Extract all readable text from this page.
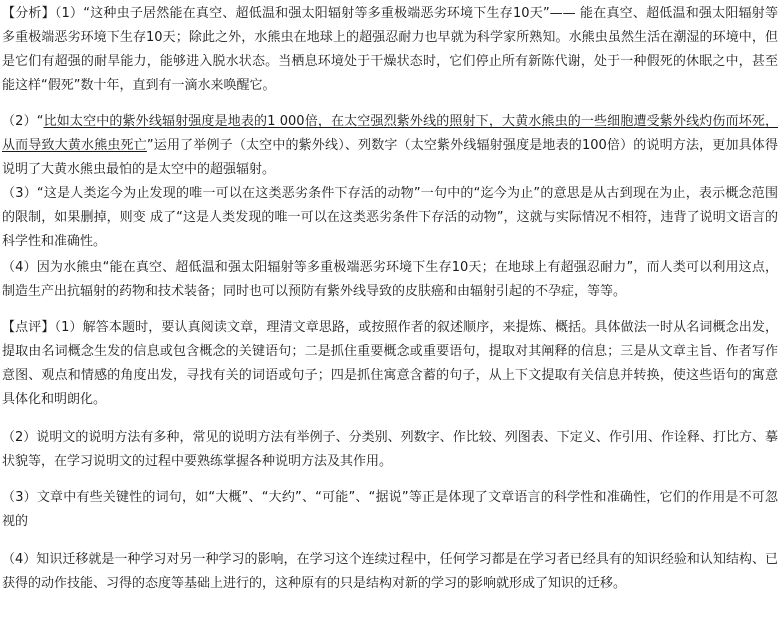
【分析】（1）“这种虫子居然能在真空、超低温和强太阳辐射等多重极端恶劣环境下生存10天”—— 能在真空、超低温和强太阳辐射等多重极端恶劣环境下生存10天；除此之外，水熊虫在地球上的超强忍耐力也早就为科学家所熟知。水熊虫虽然生活在潮湿的环境中，但是它们有超强的耐旱能力，能够进入脱水状态。当栖息环境处于干燥状态时，它们停止所有新陈代谢，处于一种假死的休眠之中，甚至能这样“假死”数十年，直到有一滴水来唤醒它。

（2）“比如太空中的紫外线辐射强度是地表的1 000倍，在太空强烈紫外线的照射下，大黄水熊虫的一些细胞遭受紫外线灼伤而坏死，从而导致大黄水熊虫死亡”运用了举例子（太空中的紫外线）、列数字（太空紫外线辐射强度是地表的100倍）的说明方法，更加具体得说明了大黄水熊虫最怕的是太空中的超强辐射。

（3）“这是人类迄今为止发现的唯一可以在这类恶劣条件下存活的动物”一句中的“迄今为止”的意思是从古到现在为止，表示概念范围的限制，如果删掉，则变 成了“这是人类发现的唯一可以在这类恶劣条件下存活的动物”，这就与实际情况不相符，违背了说明文语言的科学性和准确性。

（4）因为水熊虫“能在真空、超低温和强太阳辐射等多重极端恶劣环境下生存10天；在地球上有超强忍耐力”，而人类可以利用这点，制造生产出抗辐射的药物和技术装备；同时也可以预防有紫外线导致的皮肤癌和由辐射引起的不孕症，等等。

【点评】（1）解答本题时，要认真阅读文章，理清文章思路，或按照作者的叙述顺序，来提炼、概括。具体做法一时从名词概念出发，提取由名词概念生发的信息或包含概念的关键语句；二是抓住重要概念或重要语句，提取对其阐释的信息；三是从文章主旨、作者写作意图、观点和情感的角度出发，寻找有关的词语或句子；四是抓住寓意含蓄的句子，从上下文提取有关信息并转换，使这些语句的寓意具体化和明朗化。

（2）说明文的说明方法有多种，常见的说明方法有举例子、分类别、列数字、作比较、列图表、下定义、作引用、作诠释、打比方、摹状貌等，在学习说明文的过程中要熟练掌握各种说明方法及其作用。

（3）文章中有些关键性的词句，如“大概”、“大约”、“可能”、“据说”等正是体现了文章语言的科学性和准确性，它们的作用是不可忽视的

（4）知识迁移就是一种学习对另一种学习的影响，在学习这个连续过程中，任何学习都是在学习者已经具有的知识经验和认知结构、已获得的动作技能、习得的态度等基础上进行的，这种原有的只是结构对新的学习的影响就形成了知识的迁移。
